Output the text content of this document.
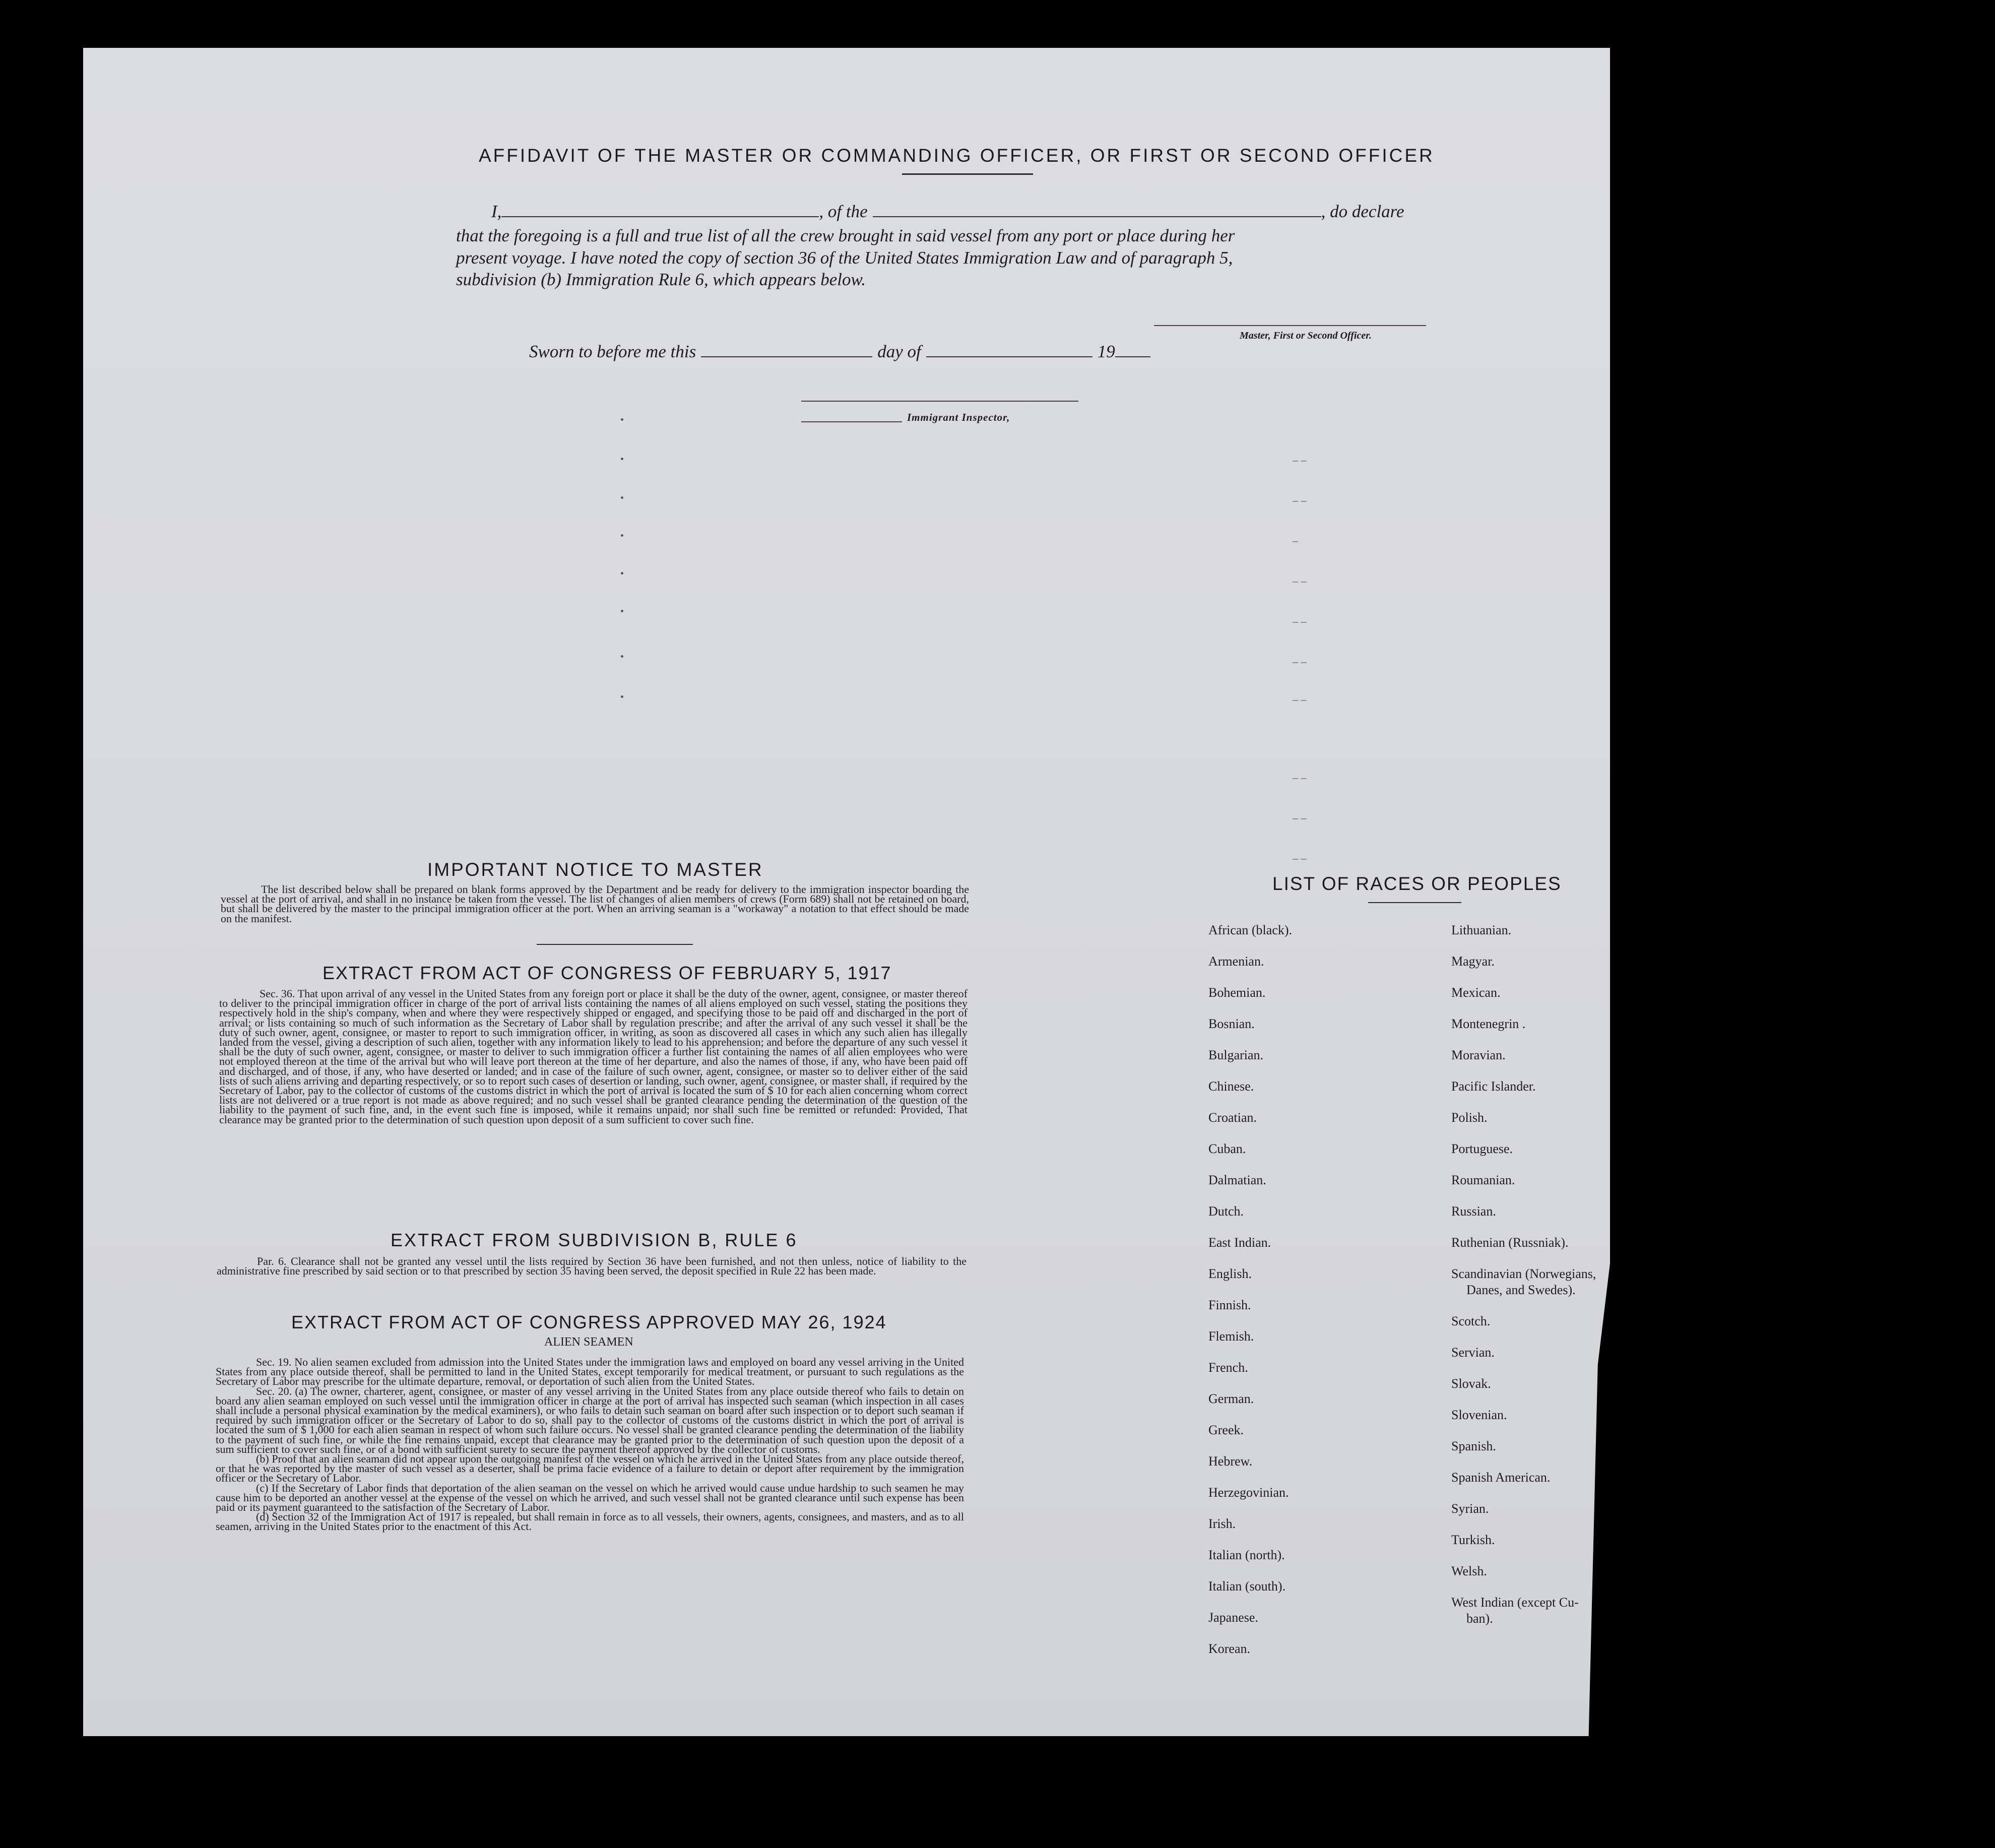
AFFIDAVIT OF THE MASTER OR COMMANDING OFFICER, OR FIRST OR SECOND OFFICER
I,	, of the	, do declare
that the foregoing is a full and true list of all the crew brought in said vessel from any port or place during her
present voyage. I have noted the copy of section 36 of the United States Immigration Law and of paragraph 5,
subdivision (b) Immigration Rule 6, which appears below.
Master, First or Second Officer.
Sworn to before me this	day of	19
Immigrant Inspector,
– –
– –
–
– –
– –
– –
– –
– –
– –
– –
IMPORTANT NOTICE TO MASTER
The list described below shall be prepared on blank forms approved by the Department and be ready for delivery to the immigration inspector boarding the vessel at the port of arrival, and shall in no instance be taken from the vessel. The list of changes of alien members of crews (Form 689) shall not be retained on board, but shall be delivered by the master to the principal immigration officer at the port. When an arriving seaman is a "workaway" a notation to that effect should be made on the manifest.
EXTRACT FROM ACT OF CONGRESS OF FEBRUARY 5, 1917
Sec. 36. That upon arrival of any vessel in the United States from any foreign port or place it shall be the duty of the owner, agent, consignee, or master thereof to deliver to the principal immigration officer in charge of the port of arrival lists containing the names of all aliens employed on such vessel, stating the positions they respectively hold in the ship's company, when and where they were respectively shipped or engaged, and specifying those to be paid off and discharged in the port of arrival; or lists containing so much of such information as the Secretary of Labor shall by regulation prescribe; and after the arrival of any such vessel it shall be the duty of such owner, agent, consignee, or master to report to such immigration officer, in writing, as soon as discovered all cases in which any such alien has illegally landed from the vessel, giving a description of such alien, together with any information likely to lead to his apprehension; and before the departure of any such vessel it shall be the duty of such owner, agent, consignee, or master to deliver to such immigration officer a further list containing the names of all alien employees who were not employed thereon at the time of the arrival but who will leave port thereon at the time of her departure, and also the names of those, if any, who have been paid off and discharged, and of those, if any, who have deserted or landed; and in case of the failure of such owner, agent, consignee, or master so to deliver either of the said lists of such aliens arriving and departing respectively, or so to report such cases of desertion or landing, such owner, agent, consignee, or master shall, if required by the Secretary of Labor, pay to the collector of customs of the customs district in which the port of arrival is located the sum of $ 10 for each alien concerning whom correct lists are not delivered or a true report is not made as above required; and no such vessel shall be granted clearance pending the determination of the question of the liability to the payment of such fine, and, in the event such fine is imposed, while it remains unpaid; nor shall such fine be remitted or refunded: Provided, That clearance may be granted prior to the determination of such question upon deposit of a sum sufficient to cover such fine.
EXTRACT FROM SUBDIVISION B, RULE 6
Par. 6. Clearance shall not be granted any vessel until the lists required by Section 36 have been furnished, and not then unless, notice of liability to the administrative fine prescribed by said section or to that prescribed by section 35 having been served, the deposit specified in Rule 22 has been made.
EXTRACT FROM ACT OF CONGRESS APPROVED MAY 26, 1924
ALIEN SEAMEN

Sec. 19. No alien seamen excluded from admission into the United States under the immigration laws and employed on board any vessel arriving in the United States from any place outside thereof, shall be permitted to land in the United States, except temporarily for medical treatment, or pursuant to such regulations as the Secretary of Labor may prescribe for the ultimate departure, removal, or deportation of such alien from the United States.

Sec. 20. (a) The owner, charterer, agent, consignee, or master of any vessel arriving in the United States from any place outside thereof who fails to detain on board any alien seaman employed on such vessel until the immigration officer in charge at the port of arrival has inspected such seaman (which inspection in all cases shall include a personal physical examination by the medical examiners), or who fails to detain such seaman on board after such inspection or to deport such seaman if required by such immigration officer or the Secretary of Labor to do so, shall pay to the collector of customs of the customs district in which the port of arrival is located the sum of $ 1,000 for each alien seaman in respect of whom such failure occurs. No vessel shall be granted clearance pending the determination of the liability to the payment of such fine, or while the fine remains unpaid, except that clearance may be granted prior to the determination of such question upon the deposit of a sum sufficient to cover such fine, or of a bond with sufficient surety to secure the payment thereof approved by the collector of customs.

(b) Proof that an alien seaman did not appear upon the outgoing manifest of the vessel on which he arrived in the United States from any place outside thereof, or that he was reported by the master of such vessel as a deserter, shall be prima facie evidence of a failure to detain or deport after requirement by the immigration officer or the Secretary of Labor.

(c) If the Secretary of Labor finds that deportation of the alien seaman on the vessel on which he arrived would cause undue hardship to such seamen he may cause him to be deported an another vessel at the expense of the vessel on which he arrived, and such vessel shall not be granted clearance until such expense has been paid or its payment guaranteed to the satisfaction of the Secretary of Labor.

(d) Section 32 of the Immigration Act of 1917 is repealed, but shall remain in force as to all vessels, their owners, agents, consignees, and masters, and as to all seamen, arriving in the United States prior to the enactment of this Act.

LIST OF RACES OR PEOPLES
African (black).
Armenian.
Bohemian.
Bosnian.
Bulgarian.
Chinese.
Croatian.
Cuban.
Dalmatian.
Dutch.
East Indian.
English.
Finnish.
Flemish.
French.
German.
Greek.
Hebrew.
Herzegovinian.
Irish.
Italian (north).
Italian (south).
Japanese.
Korean.
Lithuanian.
Magyar.
Mexican.
Montenegrin .
Moravian.
Pacific Islander.
Polish.
Portuguese.
Roumanian.
Russian.
Ruthenian (Russniak).
Scandinavian (Norwegians,
Danes, and Swedes).
Scotch.
Servian.
Slovak.
Slovenian.
Spanish.
Spanish American.
Syrian.
Turkish.
Welsh.
West Indian (except Cu-
ban).
